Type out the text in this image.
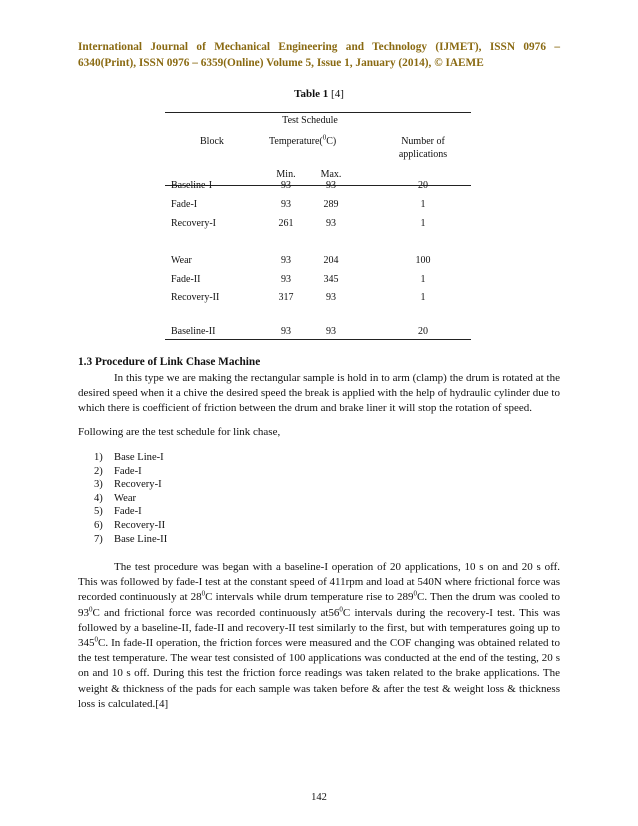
International Journal of Mechanical Engineering and Technology (IJMET), ISSN 0976 –
6340(Print), ISSN 0976 – 6359(Online) Volume 5, Issue 1, January (2014), © IAEME
Table 1 [4]
Test Schedule
Block	Temperature($^0$C)	Number of
applications
Min.	Max.
Baseline-I	93	93	20
Fade-I	93	289	1
Recovery-I	261	93	1
Wear	93	204	100
Fade-II	93	345	1
Recovery-II	317	93	1
Baseline-II	93	93	20
1.3 Procedure of Link Chase Machine

In this type we are making the rectangular sample is hold in to arm (clamp) the drum is rotated at the desired speed when it a chive the desired speed the break is applied with the help of hydraulic cylinder due to which there is coefficient of friction between the drum and brake liner it will stop the rotation of speed.

Following are the test schedule for link chase,

1)	Base Line-I
2)	Fade-I
3)	Recovery-I
4)	Wear
5)	Fade-I
6)	Recovery-II
7)	Base Line-II

The test procedure was began with a baseline-I operation of 20 applications, 10 s on and 20 s off. This was followed by fade-I test at the constant speed of 411rpm and load at 540N where frictional force was recorded continuously at $28^0C$ intervals while drum temperature rise to $289^0C$. Then the drum was cooled to $93^0C$ and frictional force was recorded continuously $at56^0C$ intervals during the recovery-I test. This was followed by a baseline-II, fade-II and recovery-II test similarly to the first, but with temperatures going up to $345^0C$. In fade-II operation, the friction forces were measured and the COF changing was obtained related to the test temperature. The wear test consisted of 100 applications was conducted at the end of the testing, 20 s on and 10 s off. During this test the friction force readings was taken related to the brake applications. The weight & thickness of the pads for each sample was taken before & after the test & weight loss & thickness loss is calculated.[4]

142
